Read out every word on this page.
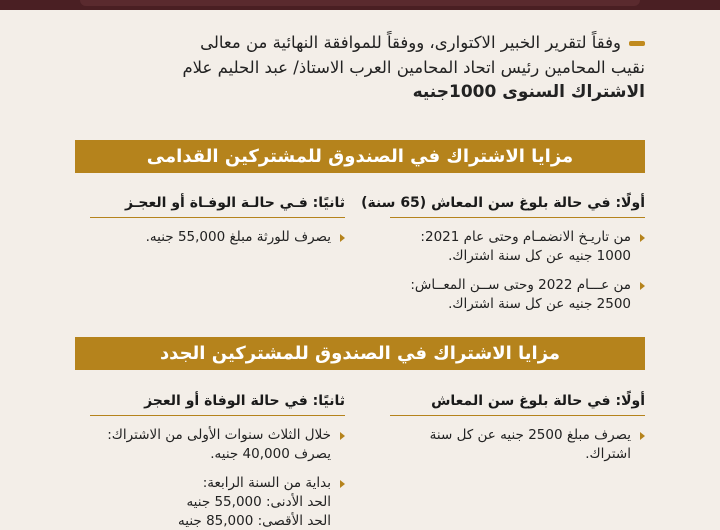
وفقاً لتقرير الخبير الاكتوارى، ووفقاً للموافقة النهائية من معالى
نقيب المحامين رئيس اتحاد المحامين العرب الاستاذ/ عبد الحليم علام
الاشتراك السنوى 1000جنيه
مزايا الاشتراك في الصندوق للمشتركين القدامى
أولًا: في حالة بلوغ سن المعاش (65 سنة)
من تاريـخ الانضمـام وحتى عام 2021:
1000 جنيه عن كل سنة اشتراك.
من عـــام 2022 وحتى ســن المعــاش:
2500 جنيه عن كل سنة اشتراك.
ثانيًا: فـي حالـة الوفـاة أو العجـز
يصرف للورثة مبلغ 55,000 جنيه.
مزايا الاشتراك في الصندوق للمشتركين الجدد
أولًا: في حالة بلوغ سن المعاش
يصرف مبلغ 2500 جنيه عن كل سنة
اشتراك.
ثانيًا: في حالة الوفاة أو العجز
خلال الثلاث سنوات الأولى من الاشتراك:
يصرف 40,000 جنيه.
بداية من السنة الرابعة:
الحد الأدنى: 55,000 جنيه
الحد الأقصى: 85,000 جنيه
